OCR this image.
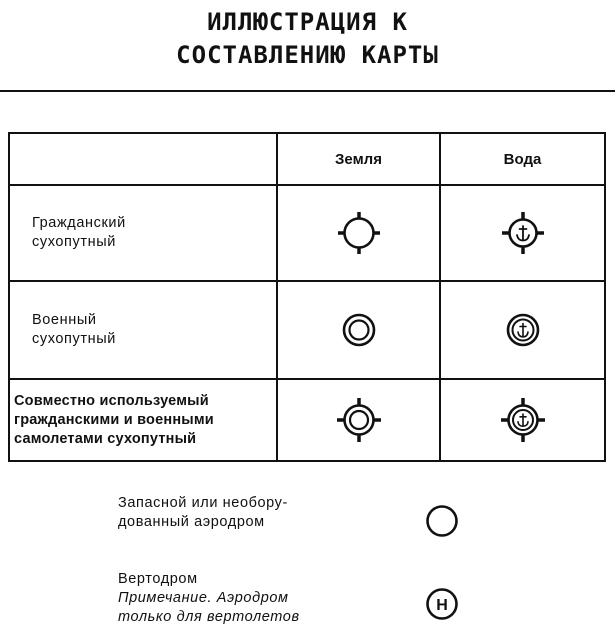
ИЛЛЮСТРАЦИЯ К
СОСТАВЛЕНИЮ КАРТЫ
	Земля	Вода

Гражданский
сухопутный

Военный
сухопутный

Совместно используемый
гражданскими и военными
самолетами сухопутный

Запасной или необору-
дованный аэродром
Вертодром
Примечание. Аэродром
только для вертолетов
H
